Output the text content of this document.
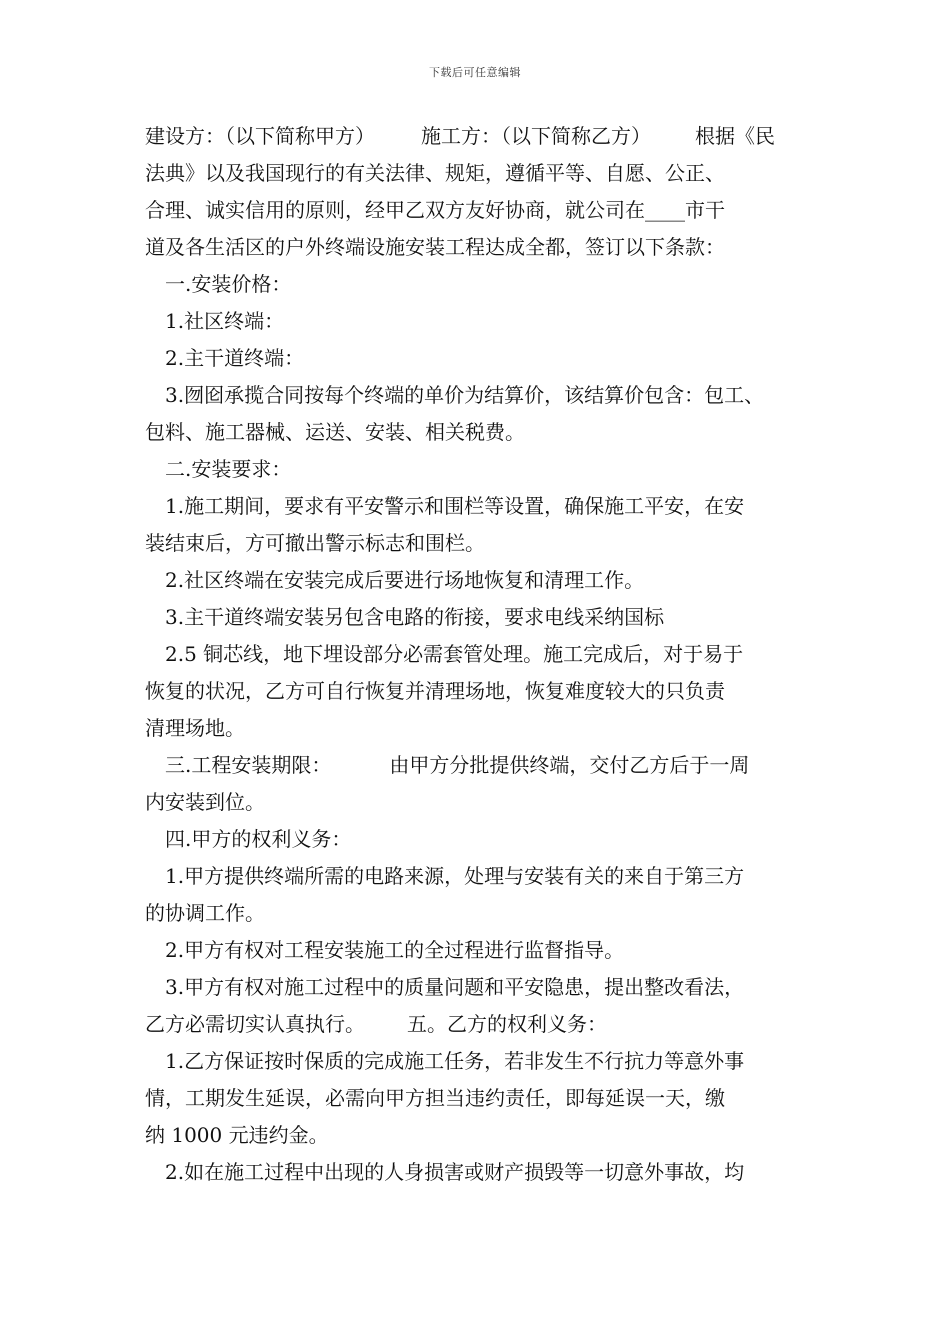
下载后可任意编辑
建设方：（以下简称甲方） 施工方：（以下简称乙方） 根据《民
法典》以及我国现行的有关法律、规矩，遵循平等、自愿、公正、
合理、诚实信用的原则，经甲乙双方友好协商，就公司在____市干
道及各生活区的户外终端设施安装工程达成全都，签订以下条款：
　一.安装价格：
　1.社区终端：
　2.主干道终端：
　3.囫囵承揽合同按每个终端的单价为结算价，该结算价包含：包工、
包料、施工器械、运送、安装、相关税费。
　二.安装要求：
　1.施工期间，要求有平安警示和围栏等设置，确保施工平安，在安
装结束后，方可撤出警示标志和围栏。
　2.社区终端在安装完成后要进行场地恢复和清理工作。
　3.主干道终端安装另包含电路的衔接，要求电线采纳国标
　2.5 铜芯线，地下埋设部分必需套管处理。施工完成后，对于易于
恢复的状况，乙方可自行恢复并清理场地，恢复难度较大的只负责
清理场地。
　三.工程安装期限：	由甲方分批提供终端，交付乙方后于一周
内安装到位。
　四.甲方的权利义务：
　1.甲方提供终端所需的电路来源，处理与安装有关的来自于第三方
的协调工作。
　2.甲方有权对工程安装施工的全过程进行监督指导。
　3.甲方有权对施工过程中的质量问题和平安隐患，提出整改看法，
乙方必需切实认真执行。 五。乙方的权利义务：
　1.乙方保证按时保质的完成施工任务，若非发生不行抗力等意外事
情，工期发生延误，必需向甲方担当违约责任，即每延误一天，缴
纳 1000 元违约金。
　2.如在施工过程中出现的人身损害或财产损毁等一切意外事故，均
